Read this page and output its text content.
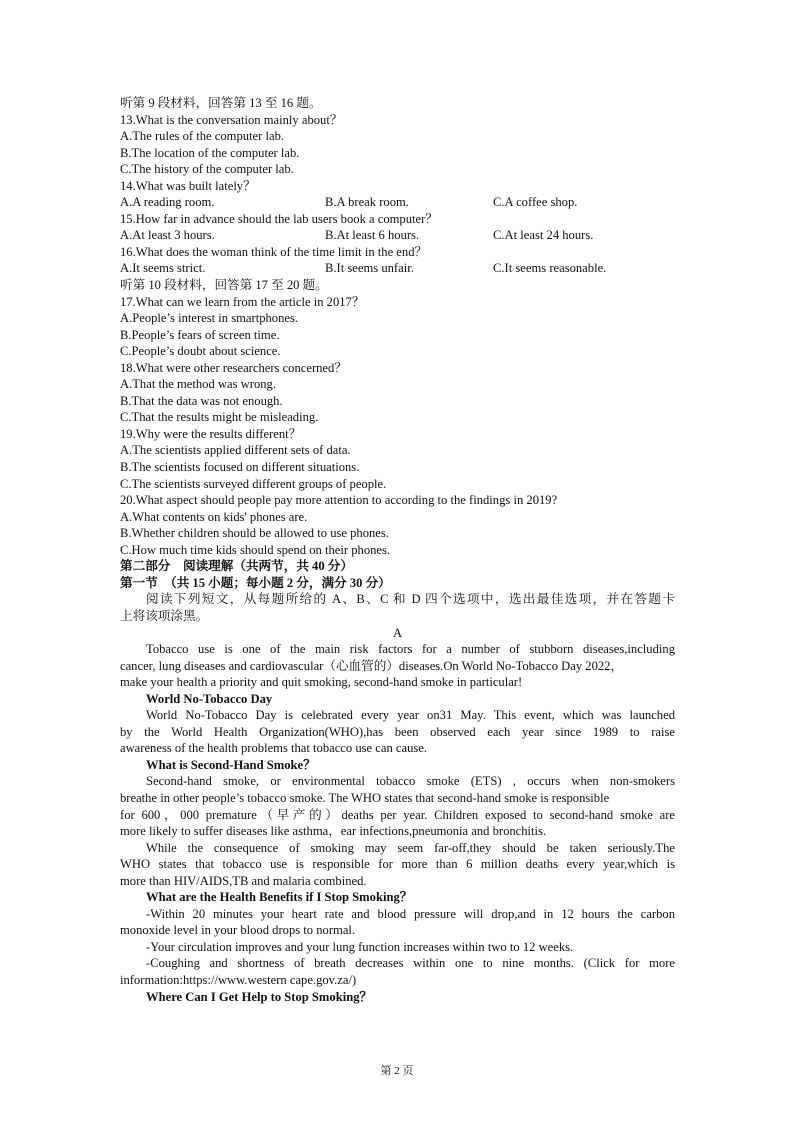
听第 9 段材料，回答第 13 至 16 题。
13.What is the conversation mainly about？
A.The rules of the computer lab.
B.The location of the computer lab.
C.The history of the computer lab.
14.What was built lately？
A.A reading room.	B.A break room.	C.A coffee shop.
15.How far in advance should the lab users book a computer？
A.At least 3 hours.	B.At least 6 hours.	C.At least 24 hours.
16.What does the woman think of the time limit in the end？
A.It seems strict.	B.It seems unfair.	C.It seems reasonable.
听第 10 段材料，回答第 17 至 20 题。
17.What can we learn from the article in 2017？
A.People’s interest in smartphones.
B.People’s fears of screen time.
C.People’s doubt about science.
18.What were other researchers concerned？
A.That the method was wrong.
B.That the data was not enough.
C.That the results might be misleading.
19.Why were the results different？
A.The scientists applied different sets of data.
B.The scientists focused on different situations.
C.The scientists surveyed different groups of people.
20.What aspect should people pay more attention to according to the findings in 2019?
A.What contents on kids' phones are.
B.Whether children should be allowed to use phones.
C.How much time kids should spend on their phones.
第二部分　阅读理解（共两节，共 40 分）
第一节　（共 15 小题；每小题 2 分，满分 30 分）
阅读下列短文，从每题所给的 A、B、C 和 D 四个选项中，选出最佳选项，并在答题卡
上将该项涂黑。
A
Tobacco use is one of the main risk factors for a number of stubborn diseases,including
cancer, lung diseases and cardiovascular（心血管的）diseases.On World No-Tobacco Day 2022，
make your health a priority and quit smoking, second-hand smoke in particular!
World No-Tobacco Day
World No-Tobacco Day is celebrated every year on31 May. This event, which was launched
by the World Health Organization(WHO),has been observed each year since 1989 to raise
awareness of the health problems that tobacco use can cause.
What is Second-Hand Smoke？
Second-hand smoke, or environmental tobacco smoke (ETS) , occurs when non-smokers
breathe in other people’s tobacco smoke. The WHO states that second-hand smoke is responsible
for 600，000 premature（早产的）deaths per year. Children exposed to second-hand smoke are
more likely to suffer diseases like asthma，ear infections,pneumonia and bronchitis.
While the consequence of smoking may seem far-off,they should be taken seriously.The
WHO states that tobacco use is responsible for more than 6 million deaths every year,which is
more than HIV/AIDS,TB and malaria combined.
What are the Health Benefits if I Stop Smoking？
-Within 20 minutes your heart rate and blood pressure will drop,and in 12 hours the carbon
monoxide level in your blood drops to normal.
-Your circulation improves and your lung function increases within two to 12 weeks.
-Coughing and shortness of breath decreases within one to nine months. (Click for more
information:https://www.western cape.gov.za/)
Where Can I Get Help to Stop Smoking？
第 2 页
